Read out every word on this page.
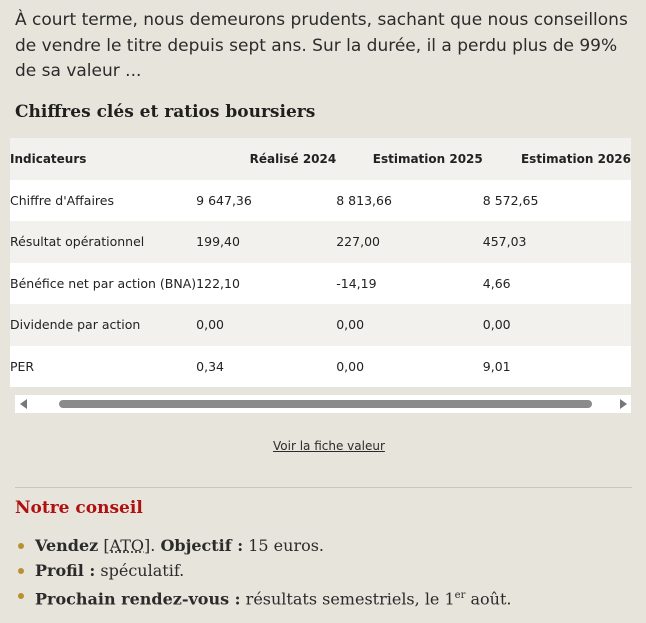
À court terme, nous demeurons prudents, sachant que nous conseillons de vendre le titre depuis sept ans. Sur la durée, il a perdu plus de 99% de sa valeur ...

Chiffres clés et ratios boursiers
Indicateurs	Réalisé 2024	Estimation 2025	Estimation 2026
Chiffre d'Affaires	9 647,36	8 813,66	8 572,65
Résultat opérationnel	199,40	227,00	457,03
Bénéfice net par action (BNA)	122,10	-14,19	4,66
Dividende par action	0,00	0,00	0,00
PER	0,34	0,00	9,01
Voir la fiche valeur
Notre conseil
Vendez [ATO]. Objectif : 15 euros.
Profil : spéculatif.
Prochain rendez-vous : résultats semestriels, le 1er août.
